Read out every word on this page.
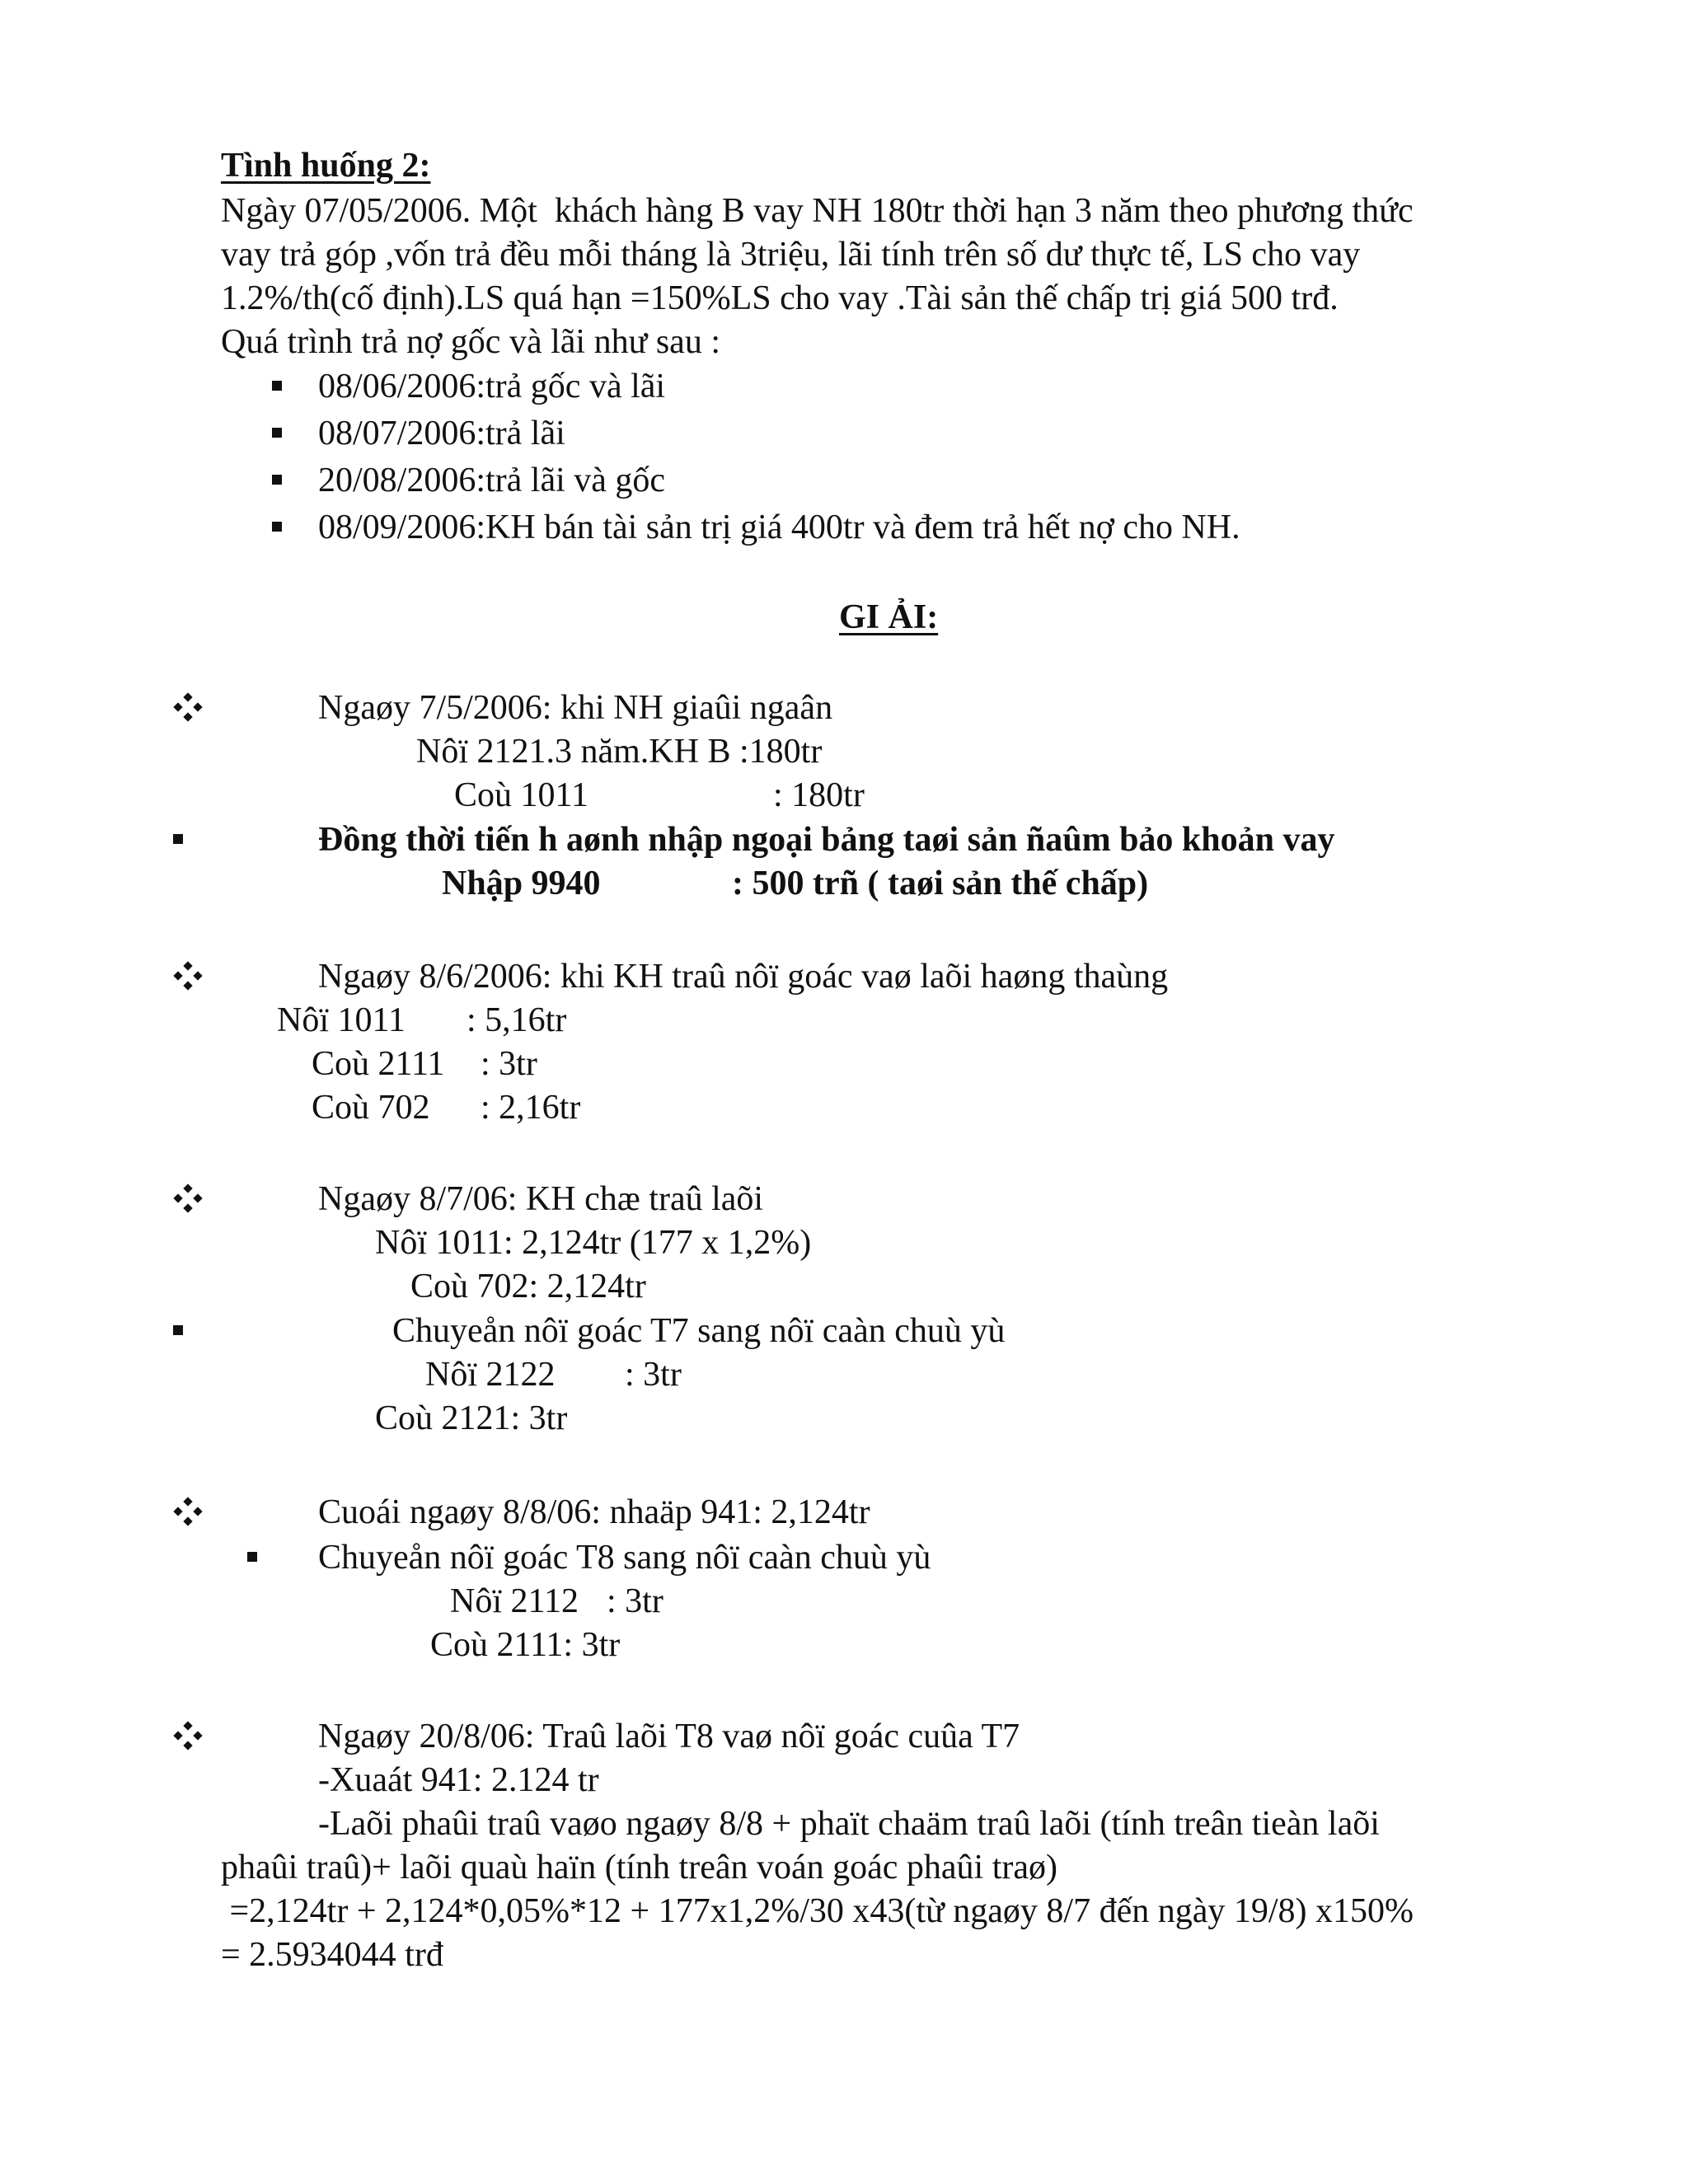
Tình huống 2:
Ngày 07/05/2006. Một  khách hàng B vay NH 180tr thời hạn 3 năm theo phương thức
vay trả góp ,vốn trả đều mỗi tháng là 3triệu, lãi tính trên số dư thực tế, LS cho vay
1.2%/th(cố định).LS quá hạn =150%LS cho vay .Tài sản thế chấp trị giá 500 trđ.
Quá trình trả nợ gốc và lãi như sau :
08/06/2006:trả gốc và lãi
08/07/2006:trả lãi
20/08/2006:trả lãi và gốc
08/09/2006:KH bán tài sản trị giá 400tr và đem trả hết nợ cho NH.
GI ẢI:
Ngaøy 7/5/2006: khi NH giaûi ngaân
Nôï 2121.3 năm.KH B :180tr
Coù 1011	: 180tr
Đồng thời tiến h aønh nhập ngoại bảng taøi sản ñaûm bảo khoản vay
Nhập 9940	: 500 trñ ( taøi sản thế chấp)
Ngaøy 8/6/2006: khi KH traû nôï goác vaø laõi haøng thaùng
Nôï 1011 : 5,16tr
Coù 2111 : 3tr
Coù 702 : 2,16tr
Ngaøy 8/7/06: KH chæ traû laõi
Nôï 1011: 2,124tr (177 x 1,2%)
Coù 702: 2,124tr
Chuyeån nôï goác T7 sang nôï caàn chuù yù
Nôï 2122 : 3tr
Coù 2121: 3tr
Cuoái ngaøy 8/8/06: nhaäp 941: 2,124tr
Chuyeån nôï goác T8 sang nôï caàn chuù yù
Nôï 2112 : 3tr
Coù 2111: 3tr
Ngaøy 20/8/06: Traû laõi T8 vaø nôï goác cuûa T7
-Xuaát 941: 2.124 tr
-Laõi phaûi traû vaøo ngaøy 8/8 + phaït chaäm traû laõi (tính treân tieàn laõi
phaûi traû)+ laõi quaù haïn (tính treân voán goác phaûi traø)
=2,124tr + 2,124*0,05%*12 + 177x1,2%/30 x43(từ ngaøy 8/7 đến ngày 19/8) x150%
= 2.5934044 trđ
